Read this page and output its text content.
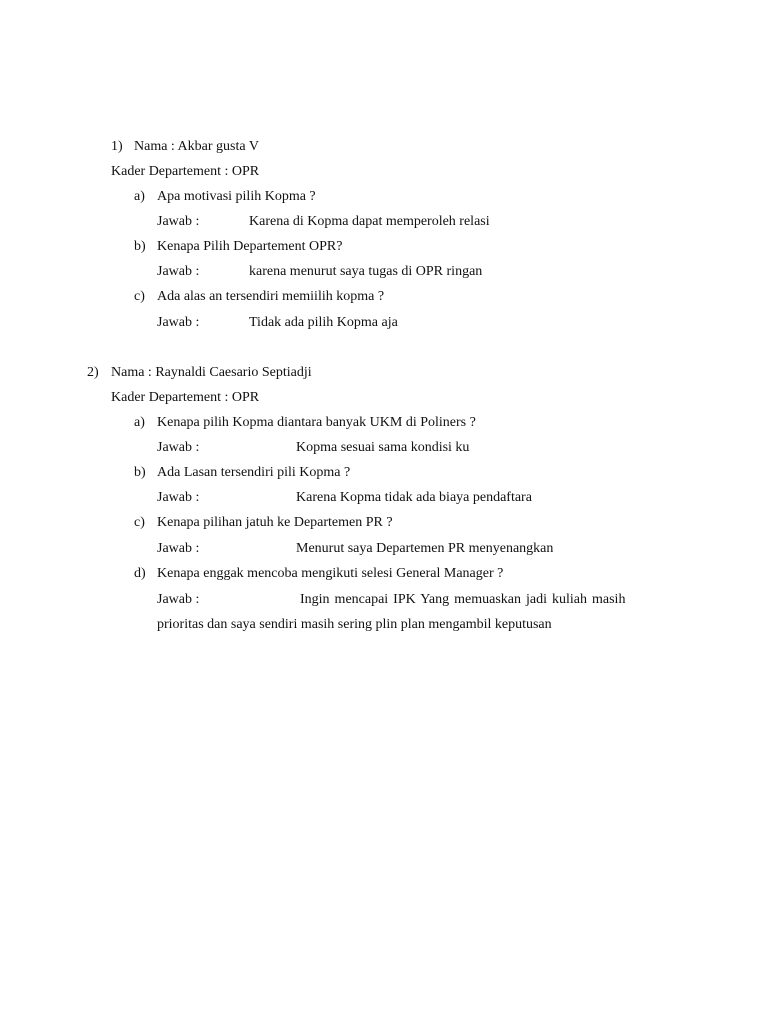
1) Nama : Akbar gusta V
Kader Departement : OPR
a) Apa motivasi pilih Kopma ?
Jawab :	Karena di Kopma dapat memperoleh relasi
b) Kenapa Pilih Departement OPR?
Jawab :	karena menurut saya tugas di OPR ringan
c) Ada alas an tersendiri memiilih kopma ?
Jawab :	Tidak ada pilih Kopma aja
2) Nama : Raynaldi Caesario Septiadji
Kader Departement : OPR
a) Kenapa pilih Kopma diantara banyak UKM di Poliners ?
Jawab :	Kopma sesuai sama kondisi ku
b) Ada Lasan tersendiri pili Kopma ?
Jawab :	Karena Kopma tidak ada biaya pendaftara
c) Kenapa pilihan jatuh ke Departemen PR ?
Jawab :	Menurut saya Departemen PR menyenangkan
d) Kenapa enggak mencoba mengikuti selesi General Manager ?
Jawab :	Ingin mencapai IPK Yang memuaskan jadi kuliah masih
prioritas dan saya sendiri masih sering plin plan mengambil keputusan
